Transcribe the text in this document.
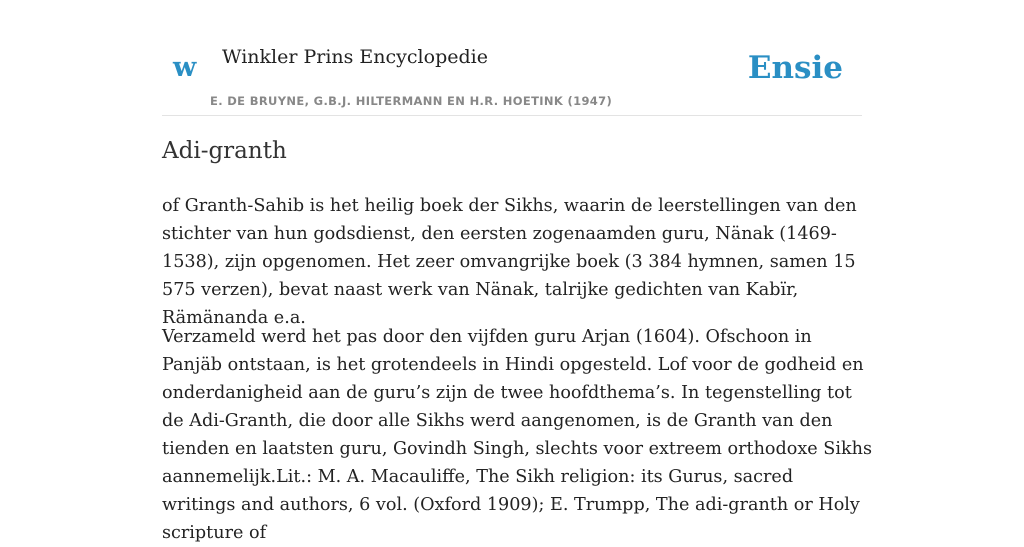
w Winkler Prins Encyclopedie
E. DE BRUYNE, G.B.J. HILTERMANN EN H.R. HOETINK (1947)
Ensie
Adi-granth

of Granth-Sahib is het heilig boek der Sikhs, waarin de leerstellingen van den stichter van hun godsdienst, den eersten zogenaamden guru, Nänak (1469-1538), zijn opgenomen. Het zeer omvangrijke boek (3 384 hymnen, samen 15 575 verzen), bevat naast werk van Nänak, talrijke gedichten van Kabïr, Rämänanda e.a.

Verzameld werd het pas door den vijfden guru Arjan (1604). Ofschoon in Panjäb ontstaan, is het grotendeels in Hindi opgesteld. Lof voor de godheid en onderdanigheid aan de guru’s zijn de twee hoofdthema’s. In tegenstelling tot de Adi-Granth, die door alle Sikhs werd aangenomen, is de Granth van den tienden en laatsten guru, Govindh Singh, slechts voor extreem orthodoxe Sikhs aannemelijk.Lit.: M. A. Macauliffe, The Sikh religion: its Gurus, sacred writings and authors, 6 vol. (Oxford 1909); E. Trumpp, The adi-granth or Holy scripture of
